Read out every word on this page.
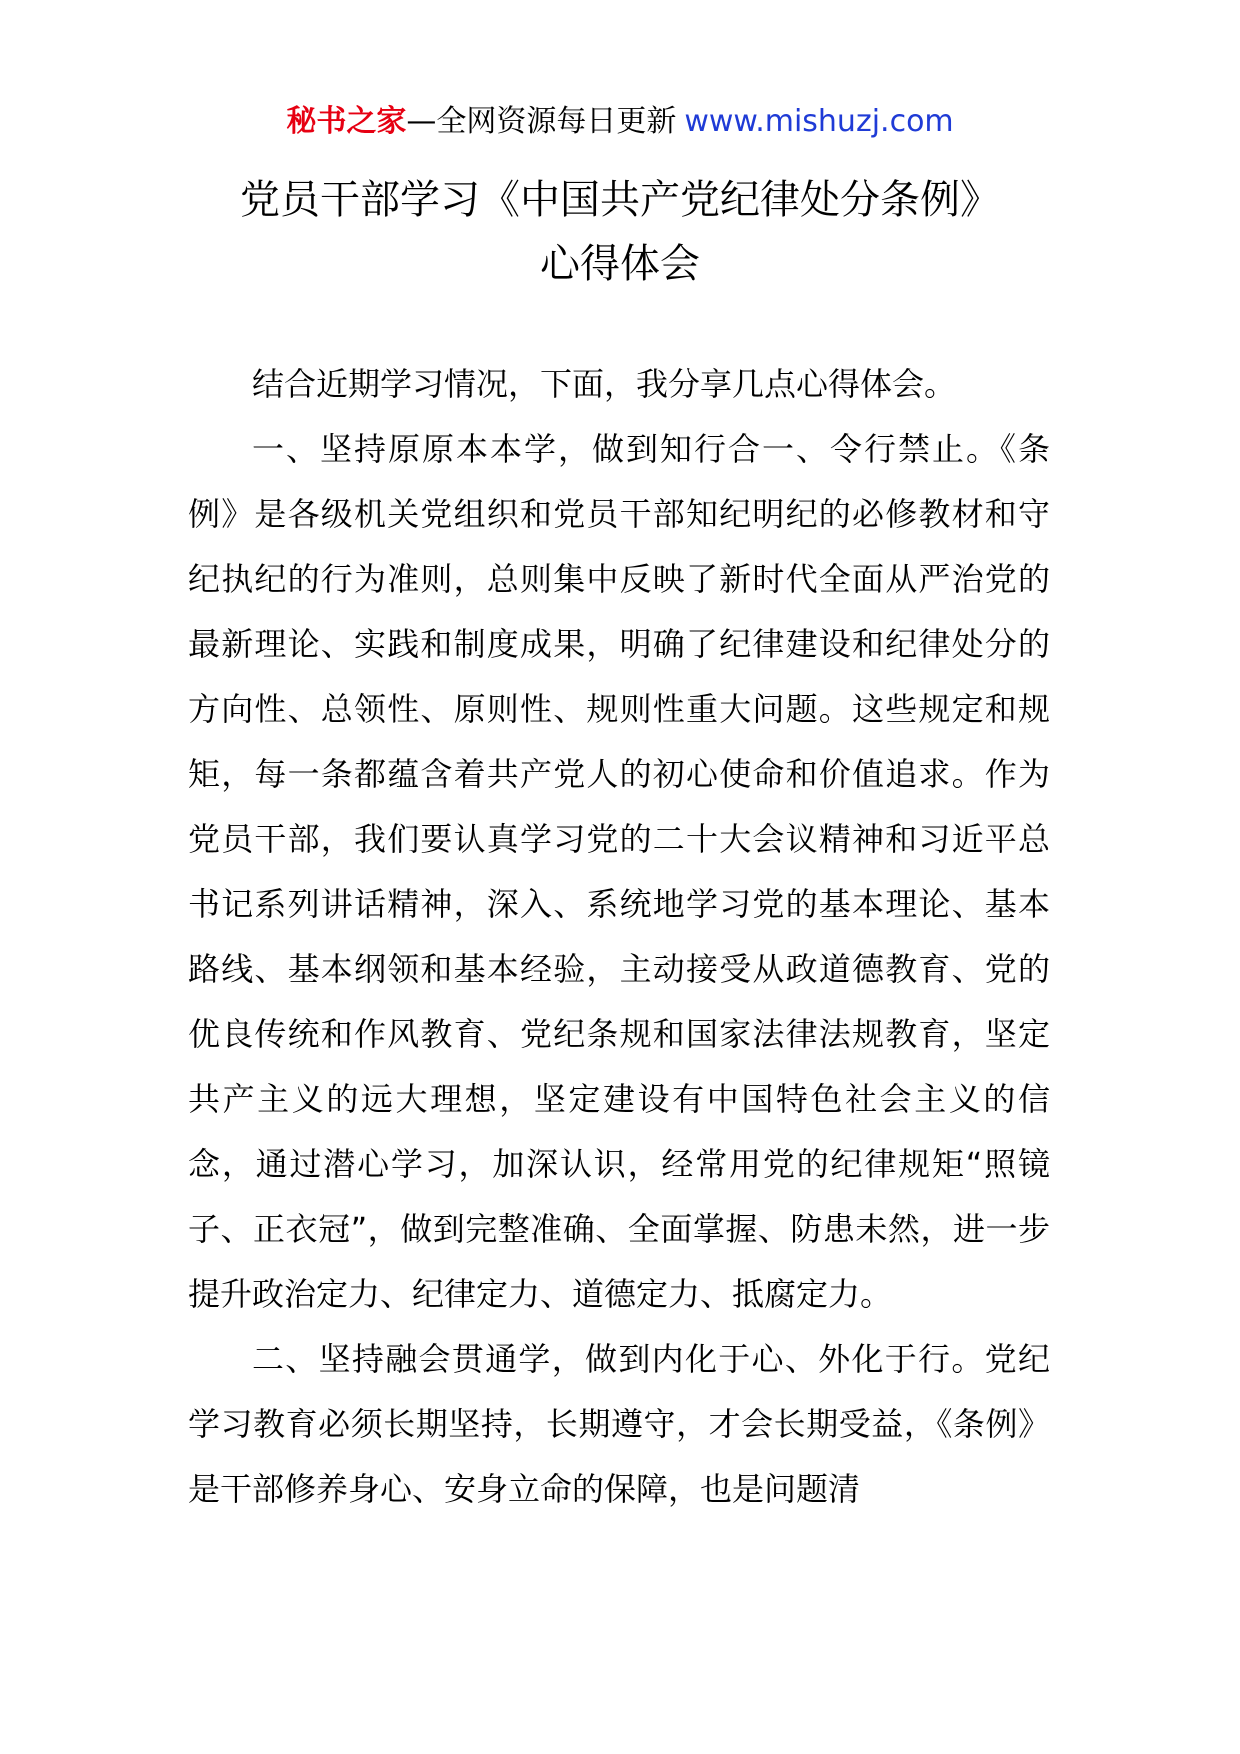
秘书之家—全网资源每日更新 www.mishuzj.com
党员干部学习《中国共产党纪律处分条例》
心得体会

结合近期学习情况，下面，我分享几点心得体会。

一、坚持原原本本学，做到知行合一、令行禁止。《条例》是各级机关党组织和党员干部知纪明纪的必修教材和守纪执纪的行为准则，总则集中反映了新时代全面从严治党的最新理论、实践和制度成果，明确了纪律建设和纪律处分的方向性、总领性、原则性、规则性重大问题。这些规定和规矩，每一条都蕴含着共产党人的初心使命和价值追求。作为党员干部，我们要认真学习党的二十大会议精神和习近平总书记系列讲话精神，深入、系统地学习党的基本理论、基本路线、基本纲领和基本经验，主动接受从政道德教育、党的优良传统和作风教育、党纪条规和国家法律法规教育，坚定共产主义的远大理想，坚定建设有中国特色社会主义的信念，通过潜心学习，加深认识，经常用党的纪律规矩“照镜子、正衣冠”，做到完整准确、全面掌握、防患未然，进一步提升政治定力、纪律定力、道德定力、抵腐定力。

二、坚持融会贯通学，做到内化于心、外化于行。党纪学习教育必须长期坚持，长期遵守，才会长期受益，《条例》是干部修养身心、安身立命的保障，也是问题清
